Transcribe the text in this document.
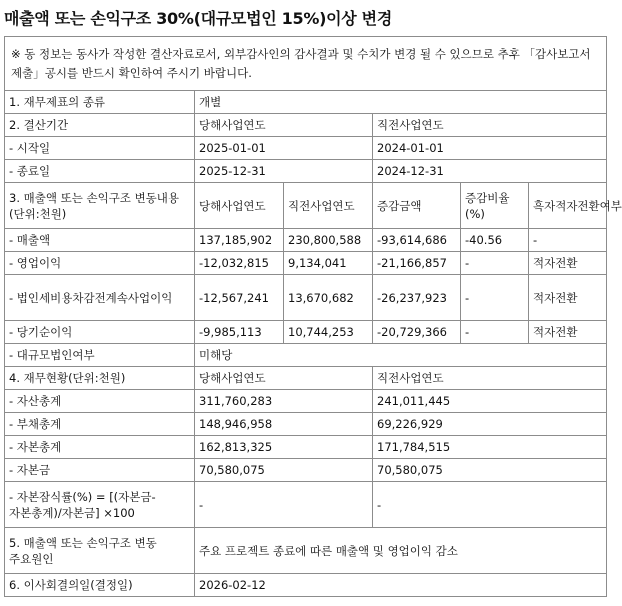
매출액 또는 손익구조 30%(대규모법인 15%)이상 변경
※ 동 정보는 동사가 작성한 결산자료로서, 외부감사인의 감사결과 및 수치가 변경 될 수 있으므로 추후 「감사보고서 제출」공시를 반드시 확인하여 주시기 바랍니다.					
1. 재무제표의 종류	개별				
2. 결산기간	당해사업연도		직전사업연도		
- 시작일	2025-01-01		2024-01-01		
- 종료일	2025-12-31		2024-12-31		
3. 매출액 또는 손익구조 변동내용(단위:천원)	당해사업연도	직전사업연도	증감금액	증감비율(%)	흑자적자전환여부
- 매출액	137,185,902	230,800,588	-93,614,686	-40.56	-
- 영업이익	-12,032,815	9,134,041	-21,166,857	-	적자전환
- 법인세비용차감전계속사업이익	-12,567,241	13,670,682	-26,237,923	-	적자전환
- 당기순이익	-9,985,113	10,744,253	-20,729,366	-	적자전환
- 대규모법인여부	미해당				
4. 재무현황(단위:천원)	당해사업연도		직전사업연도		
- 자산총계	311,760,283		241,011,445		
- 부채총계	148,946,958		69,226,929		
- 자본총계	162,813,325		171,784,515		
- 자본금	70,580,075		70,580,075		
- 자본잠식률(%) = [(자본금-자본총계)/자본금] ×100	-		-		
5. 매출액 또는 손익구조 변동 주요원인	주요 프로젝트 종료에 따른 매출액 및 영업이익 감소				
6. 이사회결의일(결정일)	2026-02-12				
